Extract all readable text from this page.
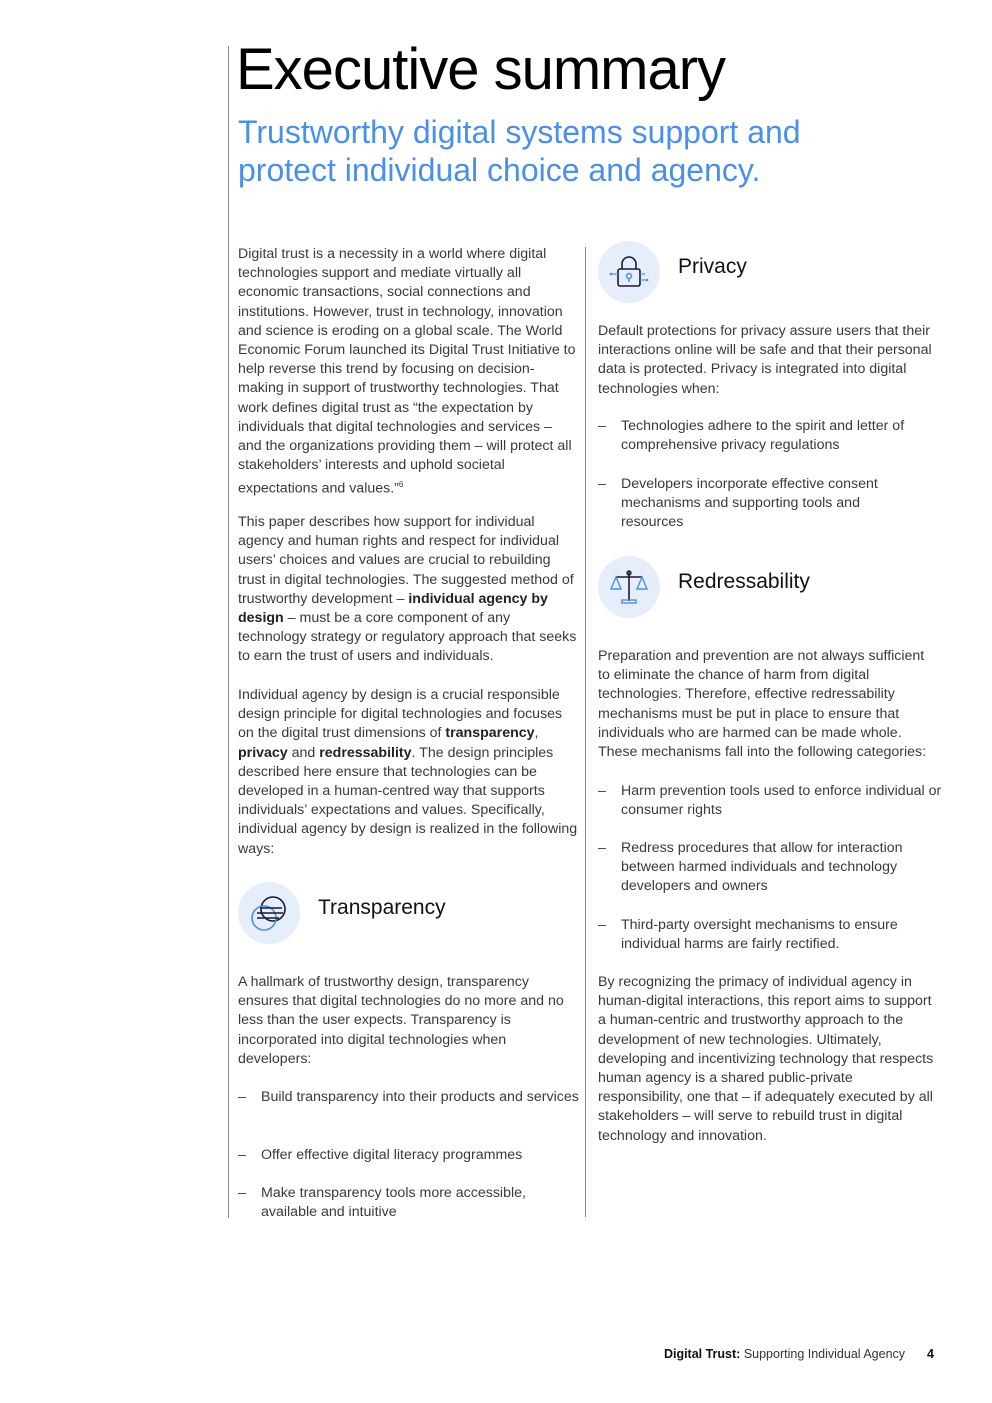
Executive summary
Trustworthy digital systems support and protect individual choice and agency.

Digital trust is a necessity in a world where digital technologies support and mediate virtually all economic transactions, social connections and institutions. However, trust in technology, innovation and science is eroding on a global scale. The World Economic Forum launched its Digital Trust Initiative to help reverse this trend by focusing on decision-making in support of trustworthy technologies. That work defines digital trust as “the expectation by individuals that digital technologies and services – and the organizations providing them – will protect all stakeholders’ interests and uphold societal expectations and values.”$^6$

This paper describes how support for individual agency and human rights and respect for individual users’ choices and values are crucial to rebuilding trust in digital technologies. The suggested method of trustworthy development – individual agency by design – must be a core component of any technology strategy or regulatory approach that seeks to earn the trust of users and individuals.

Individual agency by design is a crucial responsible design principle for digital technologies and focuses on the digital trust dimensions of transparency, privacy and redressability. The design principles described here ensure that technologies can be developed in a human-centred way that supports individuals’ expectations and values. Specifically, individual agency by design is realized in the following ways:

Transparency

A hallmark of trustworthy design, transparency ensures that digital technologies do no more and no less than the user expects. Transparency is incorporated into digital technologies when developers:

– Build transparency into their products and services
– Offer effective digital literacy programmes
– Make transparency tools more accessible, available and intuitive
Privacy

Default protections for privacy assure users that their interactions online will be safe and that their personal data is protected. Privacy is integrated into digital technologies when:

– Technologies adhere to the spirit and letter of comprehensive privacy regulations
– Developers incorporate effective consent mechanisms and supporting tools and resources
Redressability

Preparation and prevention are not always sufficient to eliminate the chance of harm from digital technologies. Therefore, effective redressability mechanisms must be put in place to ensure that individuals who are harmed can be made whole. These mechanisms fall into the following categories:

– Harm prevention tools used to enforce individual or consumer rights
– Redress procedures that allow for interaction between harmed individuals and technology developers and owners
– Third-party oversight mechanisms to ensure individual harms are fairly rectified.

By recognizing the primacy of individual agency in human-digital interactions, this report aims to support a human-centric and trustworthy approach to the development of new technologies. Ultimately, developing and incentivizing technology that respects human agency is a shared public-private responsibility, one that – if adequately executed by all stakeholders – will serve to rebuild trust in digital technology and innovation.

Digital Trust: Supporting Individual Agency 4
